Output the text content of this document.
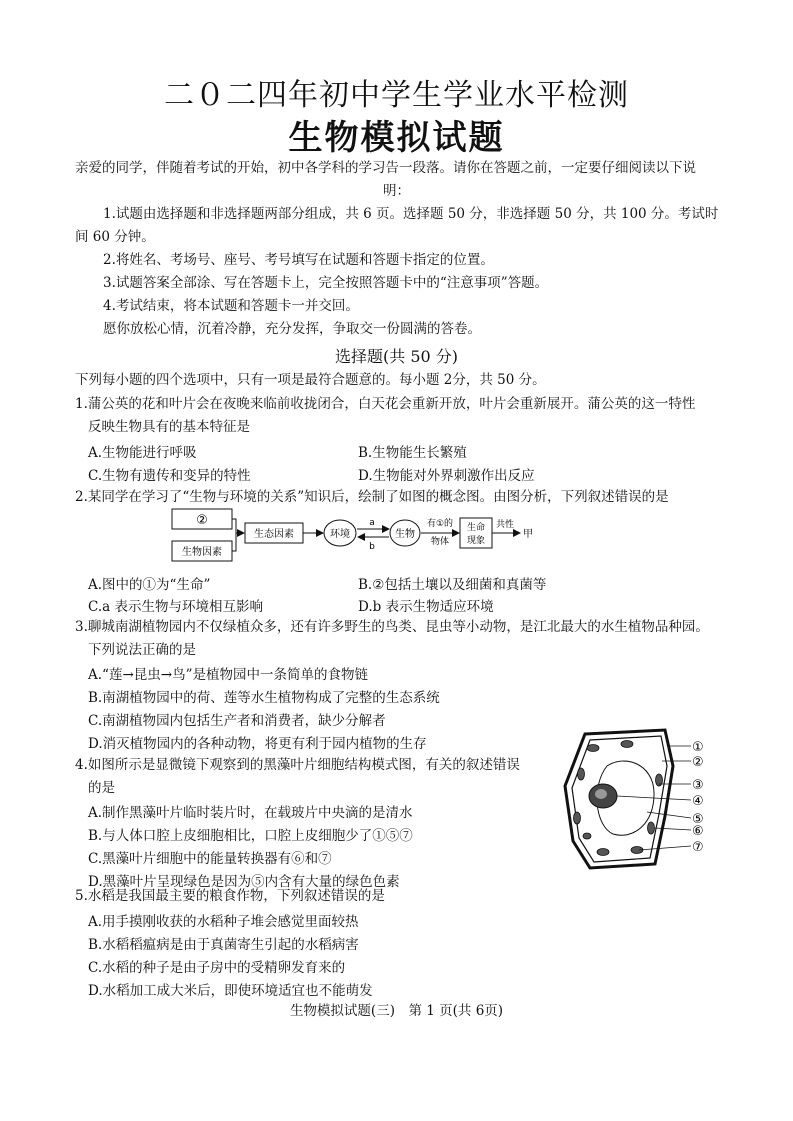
二０二四年初中学生学业水平检测
生物模拟试题
亲爱的同学，伴随着考试的开始，初中各学科的学习告一段落。请你在答题之前，一定要仔细阅读以下说
明：
1.试题由选择题和非选择题两部分组成，共 6 页。选择题 50 分，非选择题 50 分，共 100 分。考试时
间 60 分钟。
2.将姓名、考场号、座号、考号填写在试题和答题卡指定的位置。
3.试题答案全部涂、写在答题卡上，完全按照答题卡中的“注意事项”答题。
4.考试结束，将本试题和答题卡一并交回。
愿你放松心情，沉着冷静，充分发挥，争取交一份圆满的答卷。
选择题(共 50 分)
下列每小题的四个选项中，只有一项是最符合题意的。每小题 2分，共 50 分。
1.蒲公英的花和叶片会在夜晚来临前收拢闭合，白天花会重新开放，叶片会重新展开。蒲公英的这一特性
反映生物具有的基本特征是
A.生物能进行呼吸	B.生物能生长繁殖
C.生物有遗传和变异的特性	D.生物能对外界刺激作出反应
2.某同学在学习了“生物与环境的关系”知识后，绘制了如图的概念图。由图分析，下列叙述错误的是
②
生物因素
生态因素	环境
a
b
生物
有①的
物体
生命
现象
共性
甲
A.图中的①为“生命”	B.②包括土壤以及细菌和真菌等
C.a 表示生物与环境相互影响	D.b 表示生物适应环境
3.聊城南湖植物园内不仅绿植众多，还有许多野生的鸟类、昆虫等小动物，是江北最大的水生植物品种园。
下列说法正确的是
A.“莲→昆虫→鸟”是植物园中一条简单的食物链
B.南湖植物园中的荷、莲等水生植物构成了完整的生态系统
C.南湖植物园内包括生产者和消费者，缺少分解者
D.消灭植物园内的各种动物，将更有利于园内植物的生存
4.如图所示是显微镜下观察到的黑藻叶片细胞结构模式图，有关的叙述错误
的是
A.制作黑藻叶片临时装片时，在载玻片中央滴的是清水
B.与人体口腔上皮细胞相比，口腔上皮细胞少了①⑤⑦
C.黑藻叶片细胞中的能量转换器有⑥和⑦
D.黑藻叶片呈现绿色是因为⑤内含有大量的绿色色素
①
②
③
④
⑤
⑥
⑦
5.水稻是我国最主要的粮食作物，下列叙述错误的是
A.用手摸刚收获的水稻种子堆会感觉里面较热
B.水稻稻瘟病是由于真菌寄生引起的水稻病害
C.水稻的种子是由子房中的受精卵发育来的
D.水稻加工成大米后，即使环境适宜也不能萌发
生物模拟试题(三)　第 1 页(共 6页)
